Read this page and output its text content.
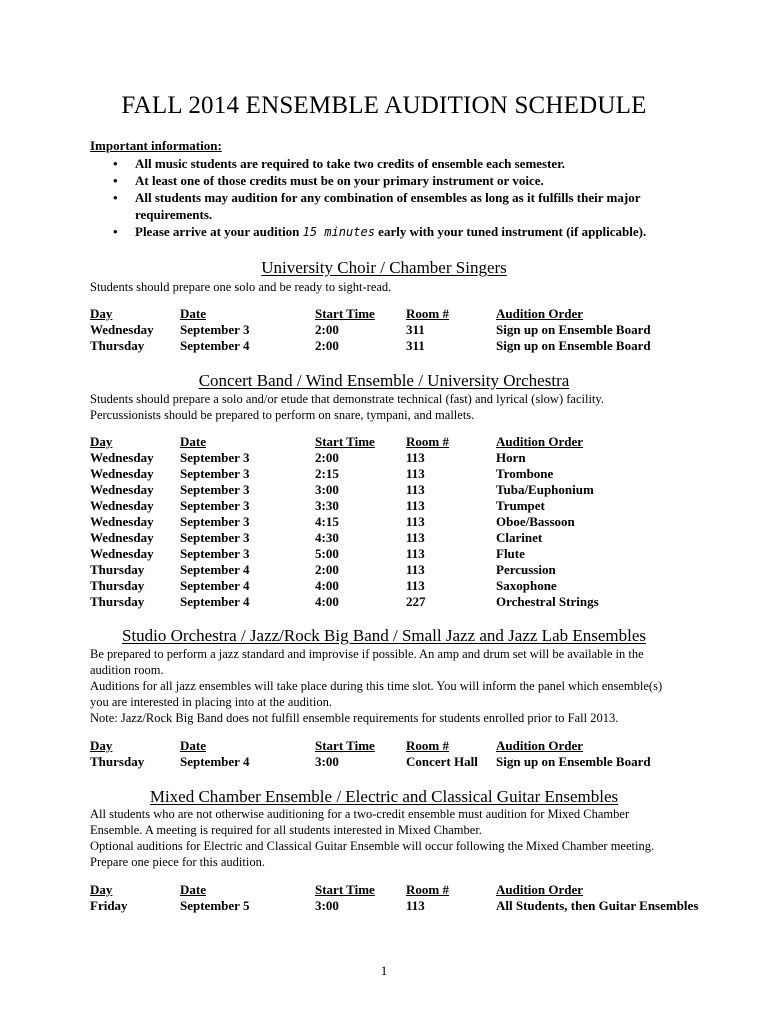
FALL 2014 ENSEMBLE AUDITION SCHEDULE
Important information:
• All music students are required to take two credits of ensemble each semester.
• At least one of those credits must be on your primary instrument or voice.
• All students may audition for any combination of ensembles as long as it fulfills their major requirements.
• Please arrive at your audition 15 minutes early with your tuned instrument (if applicable).
University Choir / Chamber Singers

Students should prepare one solo and be ready to sight-read.

Day	Date	Start Time	Room #	Audition Order
Wednesday	September 3	2:00	311	Sign up on Ensemble Board
Thursday	September 4	2:00	311	Sign up on Ensemble Board
Concert Band / Wind Ensemble / University Orchestra

Students should prepare a solo and/or etude that demonstrate technical (fast) and lyrical (slow) facility.

Percussionists should be prepared to perform on snare, tympani, and mallets.

Day	Date	Start Time	Room #	Audition Order
Wednesday	September 3	2:00	113	Horn
Wednesday	September 3	2:15	113	Trombone
Wednesday	September 3	3:00	113	Tuba/Euphonium
Wednesday	September 3	3:30	113	Trumpet
Wednesday	September 3	4:15	113	Oboe/Bassoon
Wednesday	September 3	4:30	113	Clarinet
Wednesday	September 3	5:00	113	Flute
Thursday	September 4	2:00	113	Percussion
Thursday	September 4	4:00	113	Saxophone
Thursday	September 4	4:00	227	Orchestral Strings
Studio Orchestra / Jazz/Rock Big Band / Small Jazz and Jazz Lab Ensembles

Be prepared to perform a jazz standard and improvise if possible. An amp and drum set will be available in the audition room.

Auditions for all jazz ensembles will take place during this time slot. You will inform the panel which ensemble(s) you are interested in placing into at the audition.

Note: Jazz/Rock Big Band does not fulfill ensemble requirements for students enrolled prior to Fall 2013.

Day	Date	Start Time	Room #	Audition Order
Thursday	September 4	3:00	Concert Hall	Sign up on Ensemble Board
Mixed Chamber Ensemble / Electric and Classical Guitar Ensembles

All students who are not otherwise auditioning for a two-credit ensemble must audition for Mixed Chamber Ensemble. A meeting is required for all students interested in Mixed Chamber.

Optional auditions for Electric and Classical Guitar Ensemble will occur following the Mixed Chamber meeting. Prepare one piece for this audition.

Day	Date	Start Time	Room #	Audition Order
Friday	September 5	3:00	113	All Students, then Guitar Ensembles
1
